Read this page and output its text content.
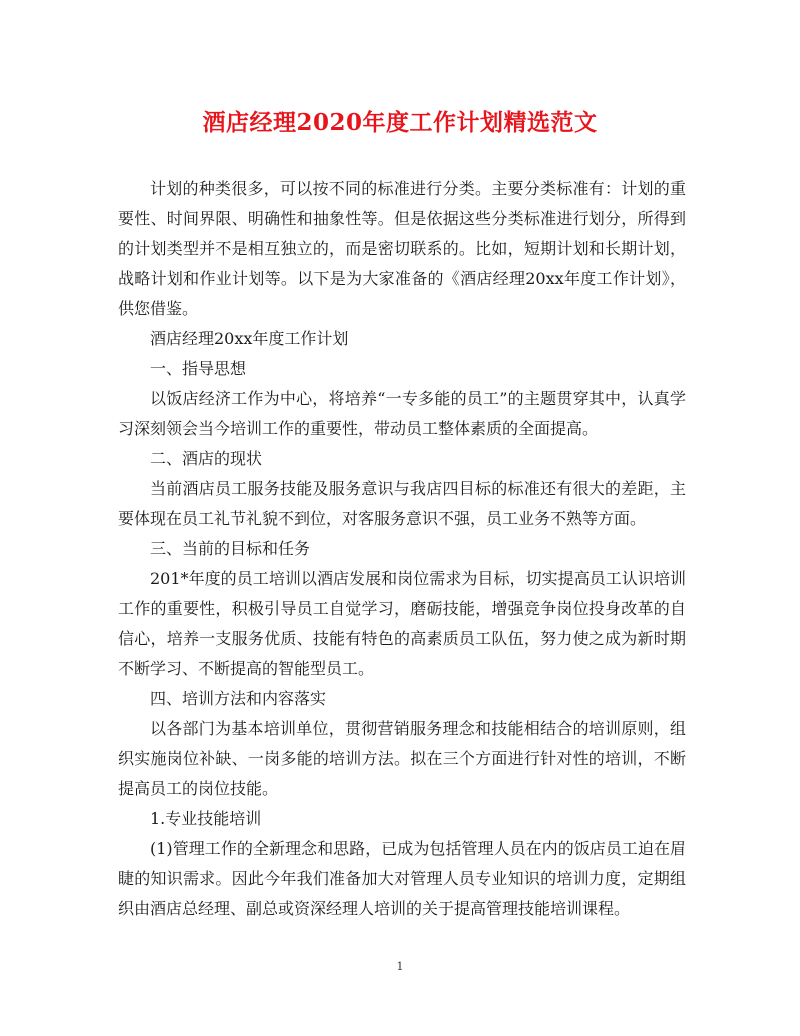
酒店经理2020年度工作计划精选范文

计划的种类很多，可以按不同的标准进行分类。主要分类标准有：计划的重要性、时间界限、明确性和抽象性等。但是依据这些分类标准进行划分，所得到的计划类型并不是相互独立的，而是密切联系的。比如，短期计划和长期计划，战略计划和作业计划等。以下是为大家准备的《酒店经理20xx年度工作计划》，供您借鉴。

酒店经理20xx年度工作计划

一、指导思想

以饭店经济工作为中心，将培养“一专多能的员工”的主题贯穿其中，认真学习深刻领会当今培训工作的重要性，带动员工整体素质的全面提高。

二、酒店的现状

当前酒店员工服务技能及服务意识与我店四目标的标准还有很大的差距，主要体现在员工礼节礼貌不到位，对客服务意识不强，员工业务不熟等方面。

三、当前的目标和任务

201*年度的员工培训以酒店发展和岗位需求为目标，切实提高员工认识培训工作的重要性，积极引导员工自觉学习，磨砺技能，增强竞争岗位投身改革的自信心，培养一支服务优质、技能有特色的高素质员工队伍，努力使之成为新时期不断学习、不断提高的智能型员工。

四、培训方法和内容落实

以各部门为基本培训单位，贯彻营销服务理念和技能相结合的培训原则，组织实施岗位补缺、一岗多能的培训方法。拟在三个方面进行针对性的培训，不断提高员工的岗位技能。

1.专业技能培训

(1)管理工作的全新理念和思路，已成为包括管理人员在内的饭店员工迫在眉睫的知识需求。因此今年我们准备加大对管理人员专业知识的培训力度，定期组织由酒店总经理、副总或资深经理人培训的关于提高管理技能培训课程。

1
